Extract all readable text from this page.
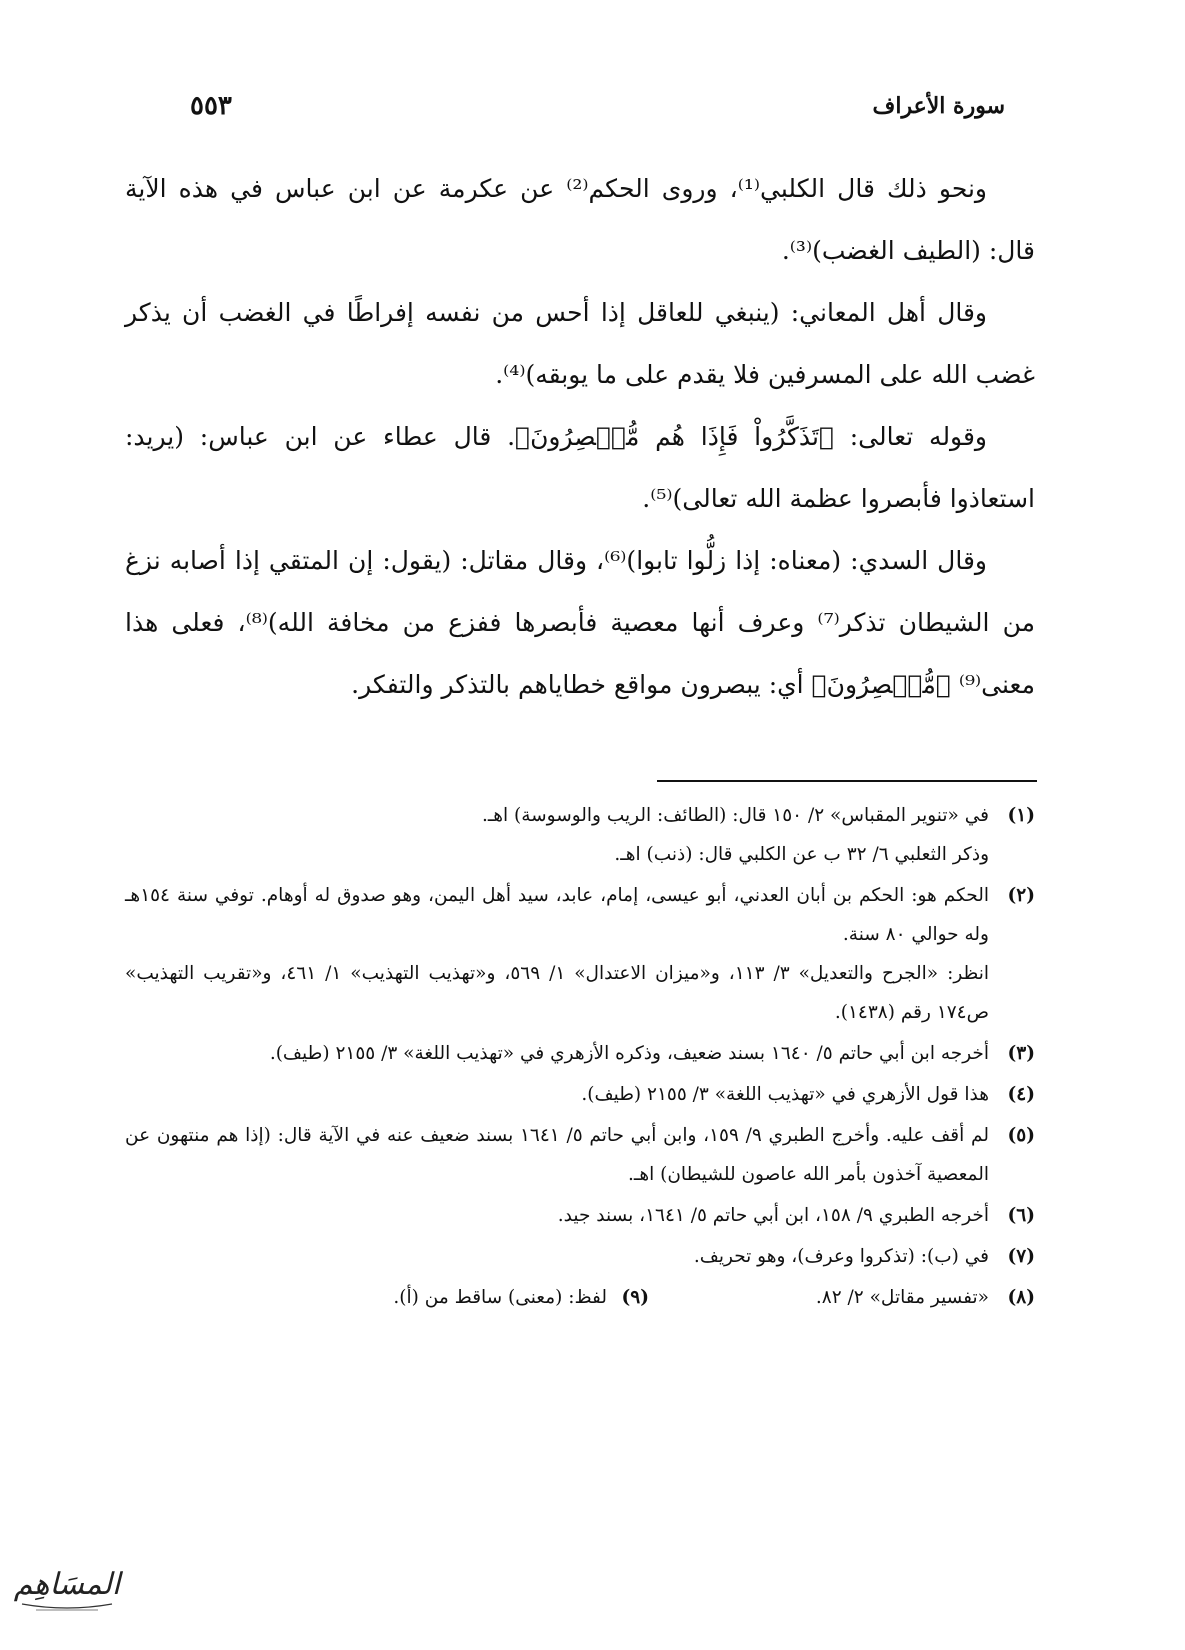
سورة الأعراف
٥٥٣

ونحو ذلك قال الكلبي⁽¹⁾، وروى الحكم⁽²⁾ عن عكرمة عن ابن عباس في هذه الآية قال: (الطيف الغضب)⁽³⁾.

وقال أهل المعاني: (ينبغي للعاقل إذا أحس من نفسه إفراطًا في الغضب أن يذكر غضب الله على المسرفين فلا يقدم على ما يوبقه)⁽⁴⁾.

وقوله تعالى: ﴿تَذَكَّرُواْ فَإِذَا هُم مُّبۡصِرُونَ﴾. قال عطاء عن ابن عباس: (يريد: استعاذوا فأبصروا عظمة الله تعالى)⁽⁵⁾.

وقال السدي: (معناه: إذا زلُّوا تابوا)⁽⁶⁾، وقال مقاتل: (يقول: إن المتقي إذا أصابه نزغ من الشيطان تذكر⁽⁷⁾ وعرف أنها معصية فأبصرها ففزع من مخافة الله)⁽⁸⁾، فعلى هذا معنى⁽⁹⁾ ﴿مُّبۡصِرُونَ﴾ أي: يبصرون مواقع خطاياهم بالتذكر والتفكر.

(١)
في «تنوير المقباس» ٢/ ١٥٠ قال: (الطائف: الريب والوسوسة) اهـ.
وذكر الثعلبي ٦/ ٣٢ ب عن الكلبي قال: (ذنب) اهـ.
(٢)
الحكم هو: الحكم بن أبان العدني، أبو عيسى، إمام، عابد، سيد أهل اليمن، وهو صدوق له أوهام. توفي سنة ١٥٤هـ وله حوالي ٨٠ سنة.
انظر: «الجرح والتعديل» ٣/ ١١٣، و«ميزان الاعتدال» ١/ ٥٦٩، و«تهذيب التهذيب» ١/ ٤٦١، و«تقريب التهذيب» ص١٧٤ رقم (١٤٣٨).
(٣)
أخرجه ابن أبي حاتم ٥/ ١٦٤٠ بسند ضعيف، وذكره الأزهري في «تهذيب اللغة» ٣/ ٢١٥٥ (طيف).
(٤)
هذا قول الأزهري في «تهذيب اللغة» ٣/ ٢١٥٥ (طيف).
(٥)
لم أقف عليه. وأخرج الطبري ٩/ ١٥٩، وابن أبي حاتم ٥/ ١٦٤١ بسند ضعيف عنه في الآية قال: (إذا هم منتهون عن المعصية آخذون بأمر الله عاصون للشيطان) اهـ.
(٦)
أخرجه الطبري ٩/ ١٥٨، ابن أبي حاتم ٥/ ١٦٤١، بسند جيد.
(٧)
في (ب): (تذكروا وعرف)، وهو تحريف.
(٨)
«تفسير مقاتل» ٢/ ٨٢.
(٩)
لفظ: (معنى) ساقط من (أ).
المسَاهِم
